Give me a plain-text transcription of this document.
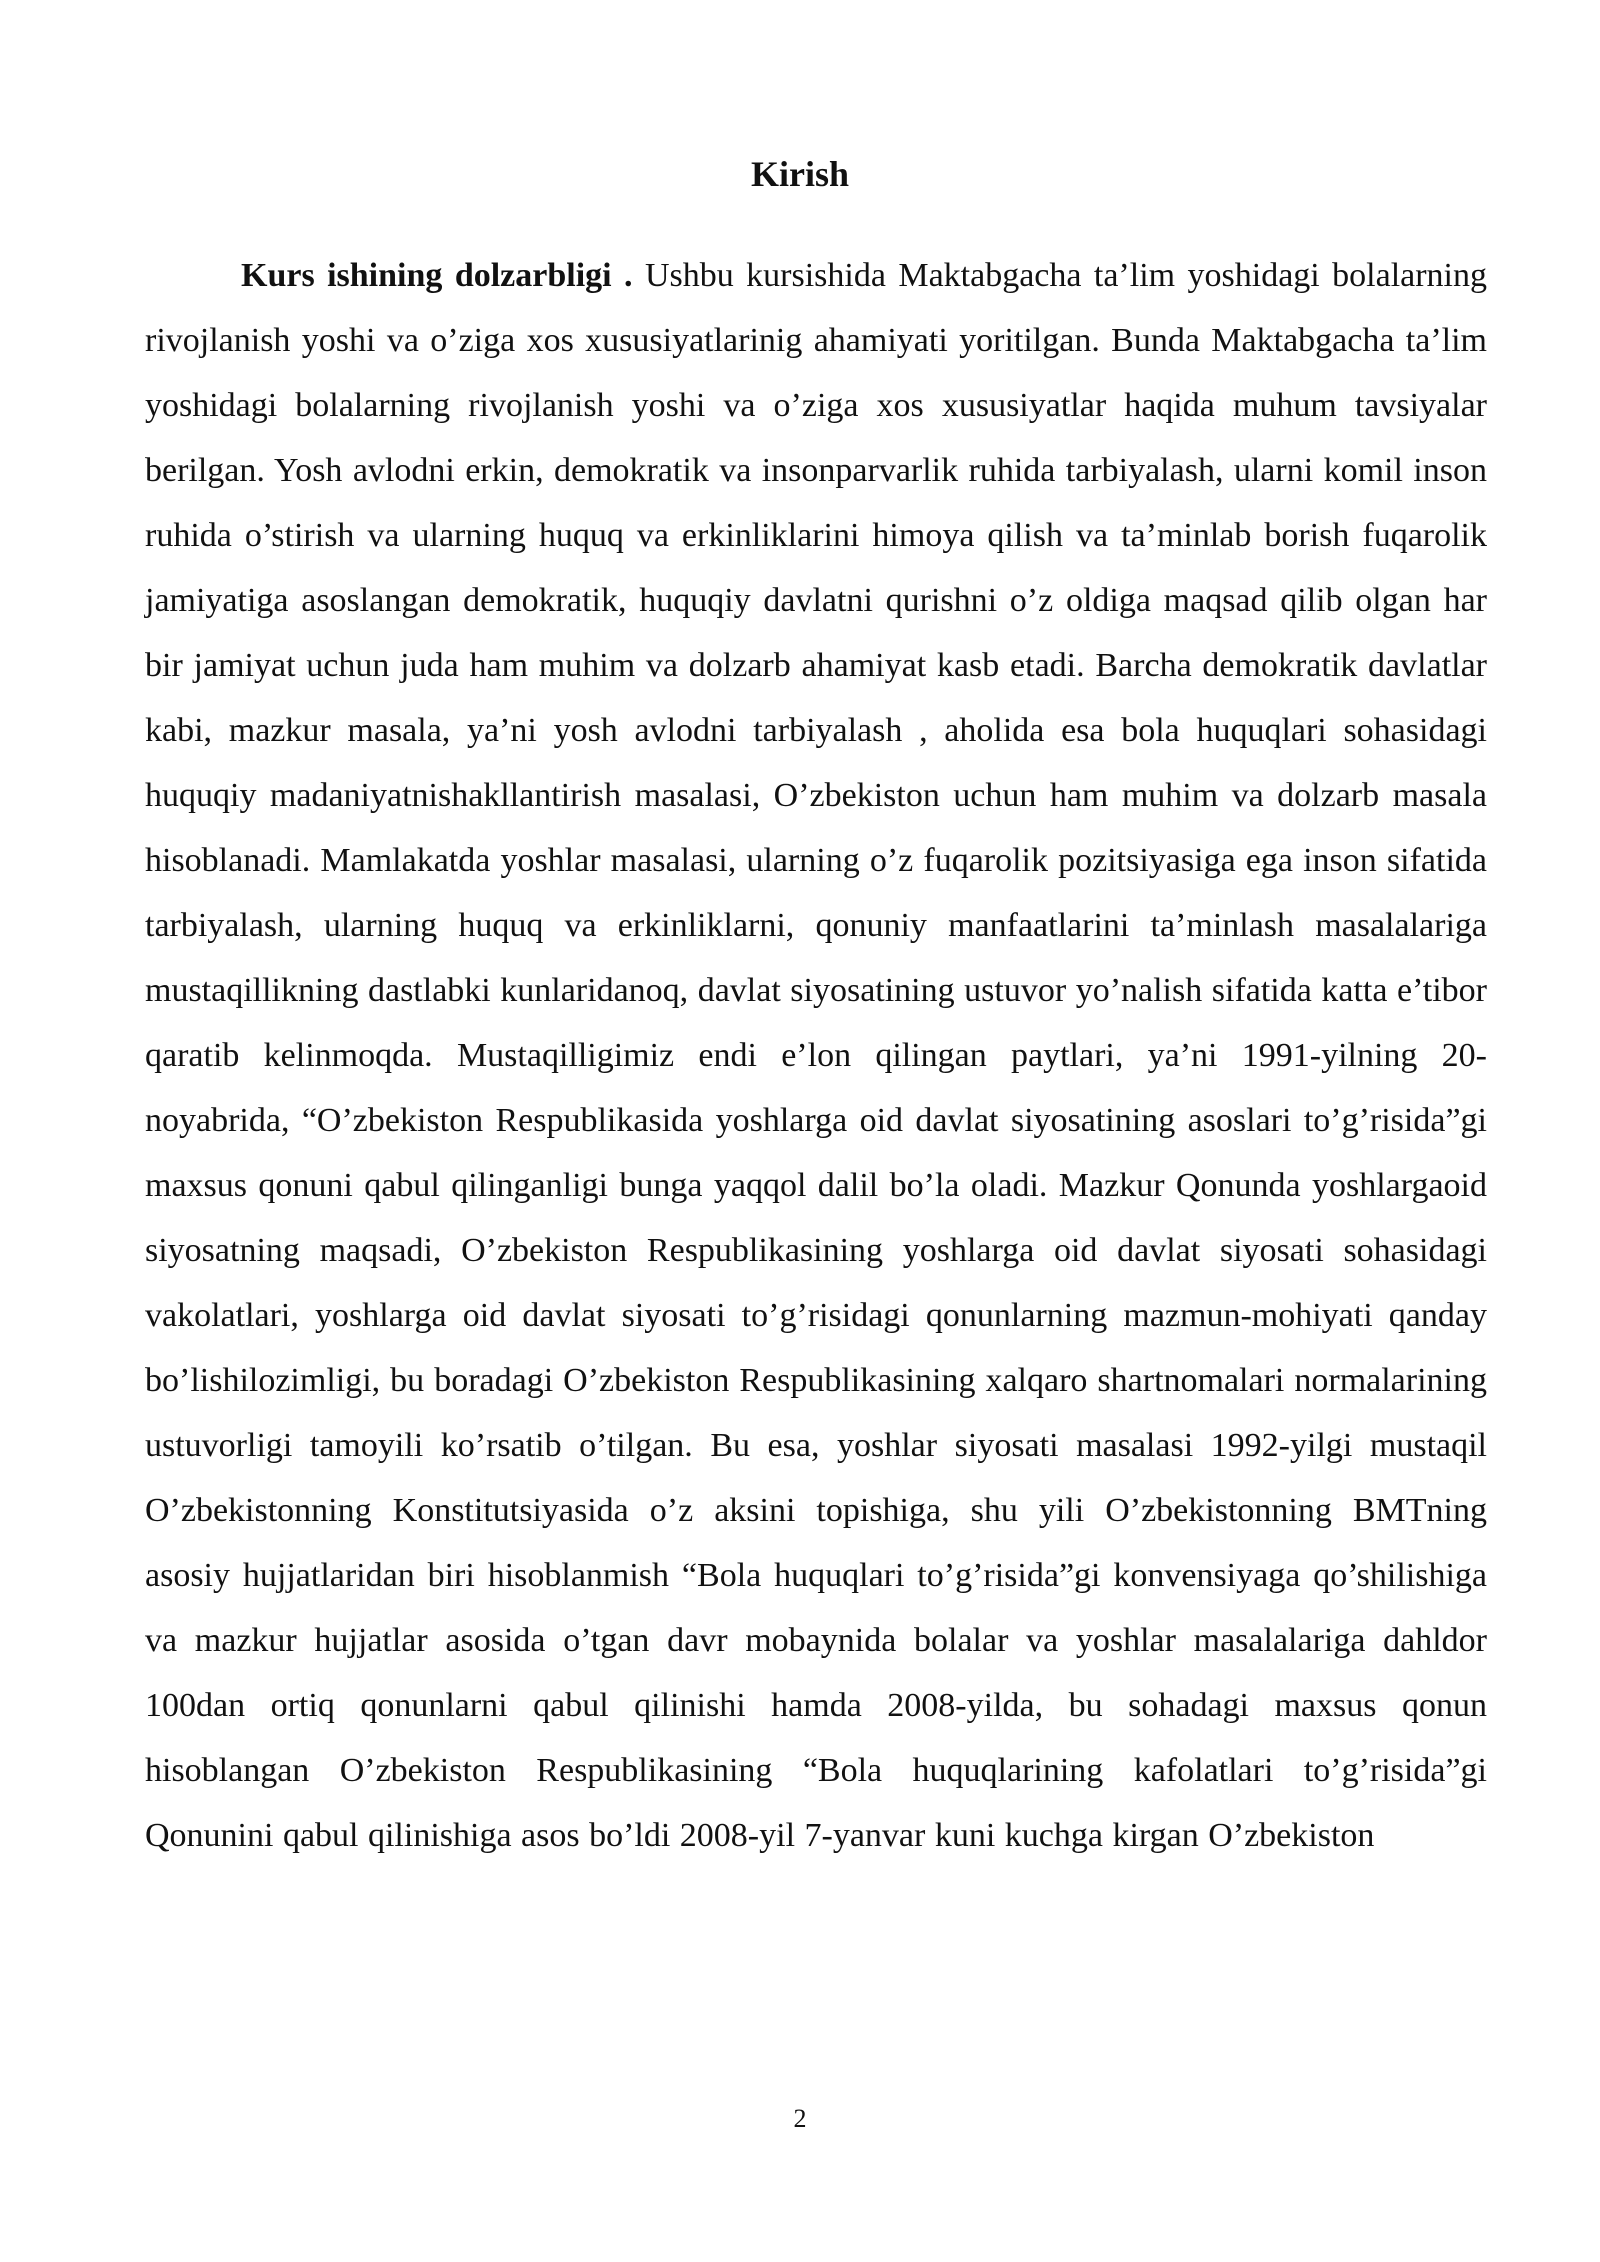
Kirish

Kurs ishining dolzarbligi . Ushbu kursishida Maktabgacha ta’lim yoshidagi bolalarning rivojlanish yoshi va o’ziga xos xususiyatlarinig ahamiyati yoritilgan. Bunda Maktabgacha ta’lim yoshidagi bolalarning rivojlanish yoshi va o’ziga xos xususiyatlar haqida muhum tavsiyalar berilgan. Yosh avlodni erkin, demokratik va insonparvarlik ruhida tarbiyalash, ularni komil inson ruhida o’stirish va ularning huquq va erkinliklarini himoya qilish va ta’minlab borish fuqarolik jamiyatiga asoslangan demokratik, huquqiy davlatni qurishni o’z oldiga maqsad qilib olgan har bir jamiyat uchun juda ham muhim va dolzarb ahamiyat kasb etadi. Barcha demokratik davlatlar kabi, mazkur masala, ya’ni yosh avlodni tarbiyalash , aholida esa bola huquqlari sohasidagi huquqiy madaniyatnishakllantirish masalasi, O’zbekiston uchun ham muhim va dolzarb masala hisoblanadi. Mamlakatda yoshlar masalasi, ularning o’z fuqarolik pozitsiyasiga ega inson sifatida tarbiyalash, ularning huquq va erkinliklarni, qonuniy manfaatlarini ta’minlash masalalariga mustaqillikning dastlabki kunlaridanoq, davlat siyosatining ustuvor yo’nalish sifatida katta e’tibor qaratib kelinmoqda. Mustaqilligimiz endi e’lon qilingan paytlari, ya’ni 1991-yilning 20-noyabrida, “O’zbekiston Respublikasida yoshlarga oid davlat siyosatining asoslari to’g’risida”gi maxsus qonuni qabul qilinganligi bunga yaqqol dalil bo’la oladi. Mazkur Qonunda yoshlargaoid siyosatning maqsadi, O’zbekiston Respublikasining yoshlarga oid davlat siyosati sohasidagi vakolatlari, yoshlarga oid davlat siyosati to’g’risidagi qonunlarning mazmun-mohiyati qanday bo’lishilozimligi, bu boradagi O’zbekiston Respublikasining xalqaro shartnomalari normalarining ustuvorligi tamoyili ko’rsatib o’tilgan. Bu esa, yoshlar siyosati masalasi 1992-yilgi mustaqil O’zbekistonning Konstitutsiyasida o’z aksini topishiga, shu yili O’zbekistonning BMTning asosiy hujjatlaridan biri hisoblanmish “Bola huquqlari to’g’risida”gi konvensiyaga qo’shilishiga va mazkur hujjatlar asosida o’tgan davr mobaynida bolalar va yoshlar masalalariga dahldor 100dan ortiq qonunlarni qabul qilinishi hamda 2008-yilda, bu sohadagi maxsus qonun hisoblangan O’zbekiston Respublikasining “Bola huquqlarining kafolatlari to’g’risida”gi Qonunini qabul qilinishiga asos bo’ldi 2008-yil 7-yanvar kuni kuchga kirgan O’zbekiston

2
